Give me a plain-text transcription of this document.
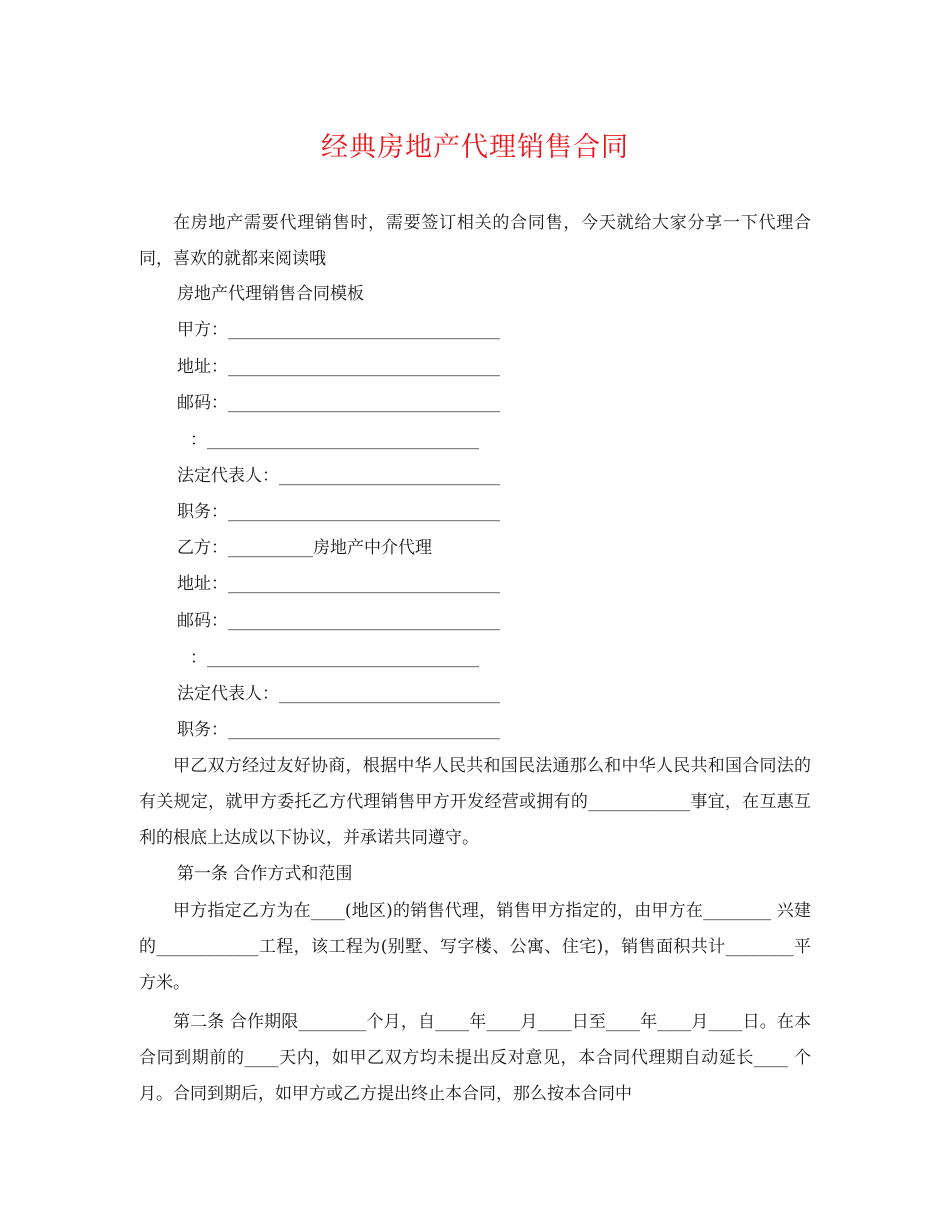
经典房地产代理销售合同
在房地产需要代理销售时，需要签订相关的合同售，今天就给大家分享一下代理合同，喜欢的就都来阅读哦
房地产代理销售合同模板
甲方：________________________________
地址：________________________________
邮码：________________________________
：________________________________
法定代表人：__________________________
职务：________________________________
乙方：__________房地产中介代理
地址：________________________________
邮码：________________________________
：________________________________
法定代表人：__________________________
职务：________________________________
甲乙双方经过友好协商，根据中华人民共和国民法通那么和中华人民共和国合同法的有关规定，就甲方委托乙方代理销售甲方开发经营或拥有的____________事宜，在互惠互利的根底上达成以下协议，并承诺共同遵守。
第一条 合作方式和范围
甲方指定乙方为在____(地区)的销售代理，销售甲方指定的，由甲方在________ 兴建的____________工程，该工程为(别墅、写字楼、公寓、住宅)，销售面积共计________平方米。
第二条 合作期限________个月，自____年____月____日至____年____月____日。在本合同到期前的____天内，如甲乙双方均未提出反对意见，本合同代理期自动延长____ 个月。合同到期后，如甲方或乙方提出终止本合同，那么按本合同中
